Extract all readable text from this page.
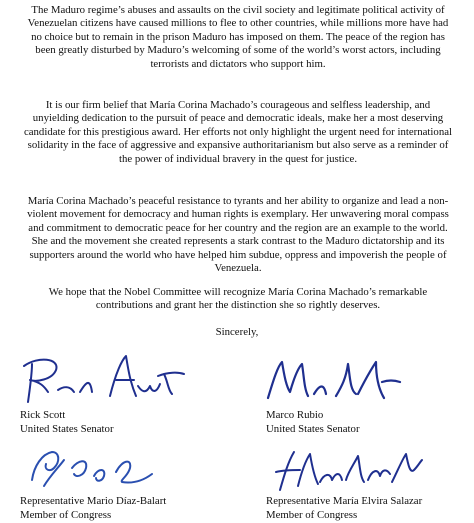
The Maduro regime’s abuses and assaults on the civil society and legitimate political activity of Venezuelan citizens have caused millions to flee to other countries, while millions more have had no choice but to remain in the prison Maduro has imposed on them. The peace of the region has been greatly disturbed by Maduro’s welcoming of some of the world’s worst actors, including terrorists and dictators who support him.

It is our firm belief that María Corina Machado’s courageous and selfless leadership, and unyielding dedication to the pursuit of peace and democratic ideals, make her a most deserving candidate for this prestigious award. Her efforts not only highlight the urgent need for international solidarity in the face of aggressive and expansive authoritarianism but also serve as a reminder of the power of individual bravery in the quest for justice.

María Corina Machado’s peaceful resistance to tyrants and her ability to organize and lead a non-violent movement for democracy and human rights is exemplary. Her unwavering moral compass and commitment to democratic peace for her country and the region are an example to the world. She and the movement she created represents a stark contrast to the Maduro dictatorship and its supporters around the world who have helped him subdue, oppress and impoverish the people of Venezuela.

We hope that the Nobel Committee will recognize María Corina Machado’s remarkable contributions and grant her the distinction she so rightly deserves.

Sincerely,
Rick Scott
United States Senator
Marco Rubio
United States Senator
Representative Mario Díaz-Balart
Member of Congress
Representative María Elvira Salazar
Member of Congress
